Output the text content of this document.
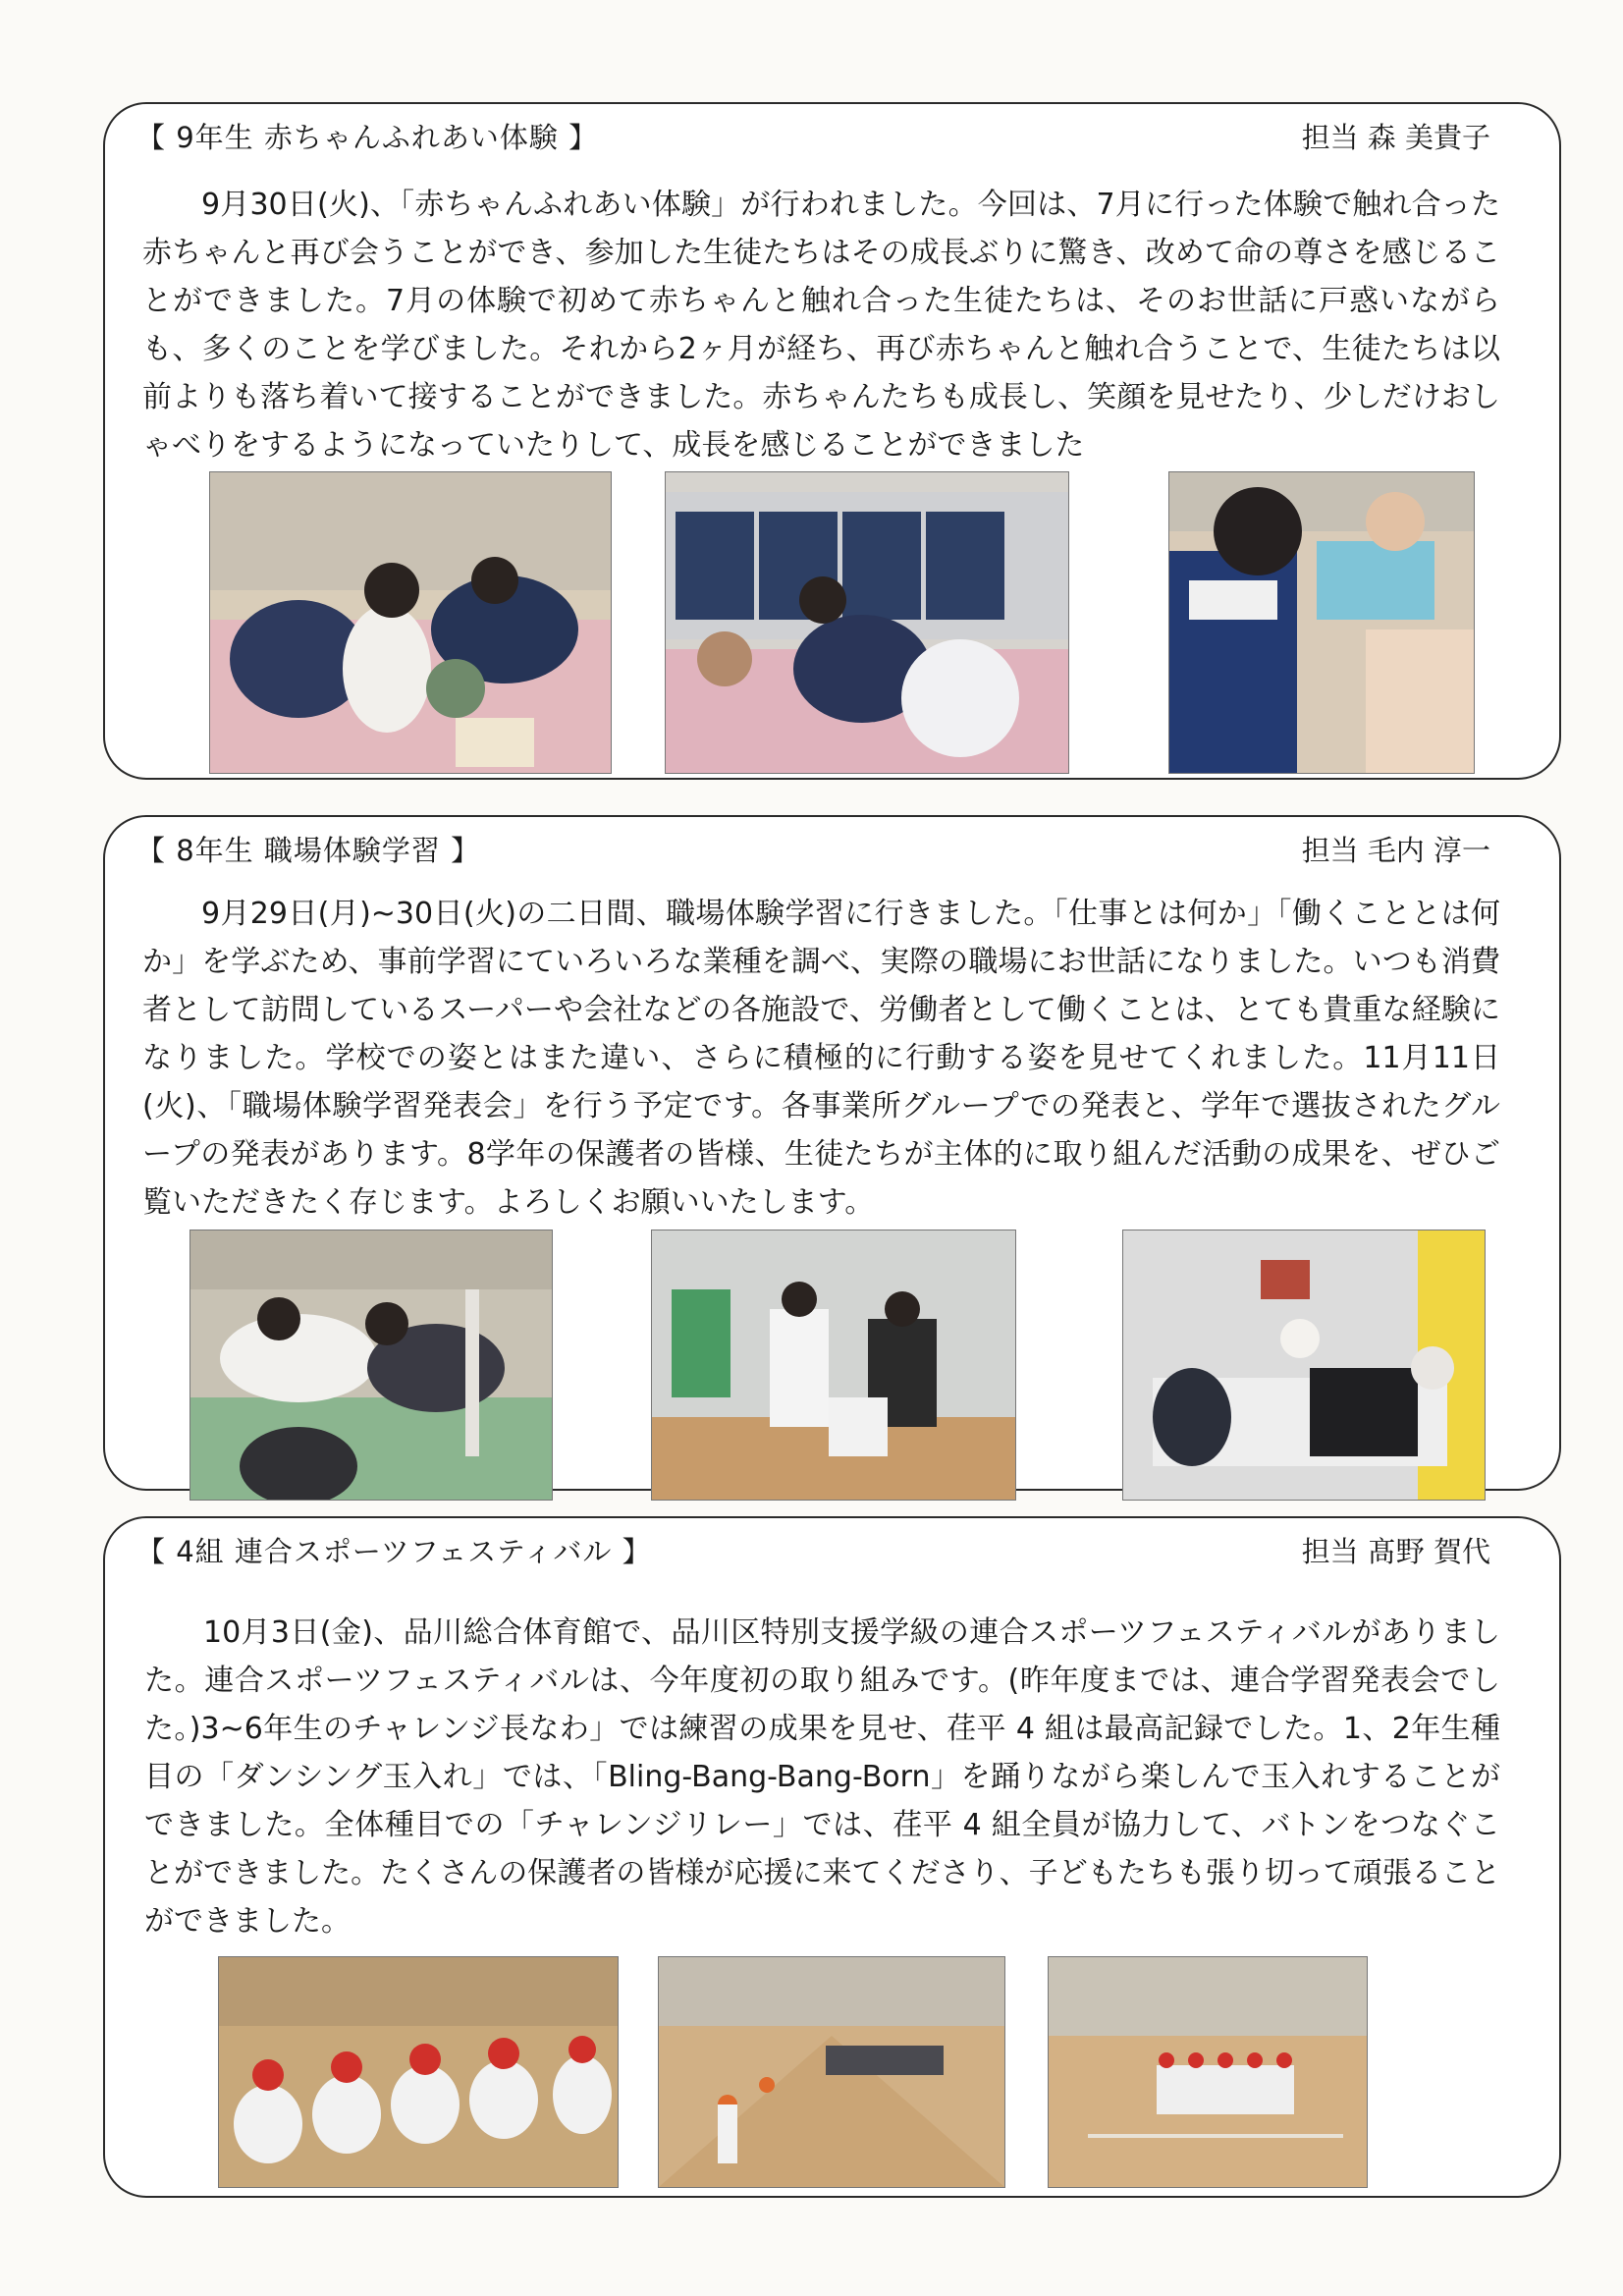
【 9年生 赤ちゃんふれあい体験 】	担当 森 美貴子
9月30日(火)、「赤ちゃんふれあい体験」が行われました。今回は、7月に行った体験で触れ合った赤ちゃんと再び会うことができ、参加した生徒たちはその成長ぶりに驚き、改めて命の尊さを感じることができました。7月の体験で初めて赤ちゃんと触れ合った生徒たちは、そのお世話に戸惑いながらも、多くのことを学びました。それから2ヶ月が経ち、再び赤ちゃんと触れ合うことで、生徒たちは以前よりも落ち着いて接することができました。赤ちゃんたちも成長し、笑顔を見せたり、少しだけおしゃべりをするようになっていたりして、成長を感じることができました
【 8年生 職場体験学習 】	担当 毛内 淳一
9月29日(月)~30日(火)の二日間、職場体験学習に行きました。「仕事とは何か」「働くこととは何か」を学ぶため、事前学習にていろいろな業種を調べ、実際の職場にお世話になりました。いつも消費者として訪問しているスーパーや会社などの各施設で、労働者として働くことは、とても貴重な経験になりました。学校での姿とはまた違い、さらに積極的に行動する姿を見せてくれました。11月11日(火)、「職場体験学習発表会」を行う予定です。各事業所グループでの発表と、学年で選抜されたグループの発表があります。8学年の保護者の皆様、生徒たちが主体的に取り組んだ活動の成果を、ぜひご覧いただきたく存じます。よろしくお願いいたします。
【 4組 連合スポーツフェスティバル 】	担当 髙野 賀代
10月3日(金)、品川総合体育館で、品川区特別支援学級の連合スポーツフェスティバルがありました。連合スポーツフェスティバルは、今年度初の取り組みです。(昨年度までは、連合学習発表会でした。)3~6年生のチャレンジ長なわ」では練習の成果を見せ、荏平 4 組は最高記録でした。1、2年生種目の「ダンシング玉入れ」では、「Bling-Bang-Bang-Born」を踊りながら楽しんで玉入れすることができました。全体種目での「チャレンジリレー」では、荏平 4 組全員が協力して、バトンをつなぐことができました。たくさんの保護者の皆様が応援に来てくださり、子どもたちも張り切って頑張ることができました。
